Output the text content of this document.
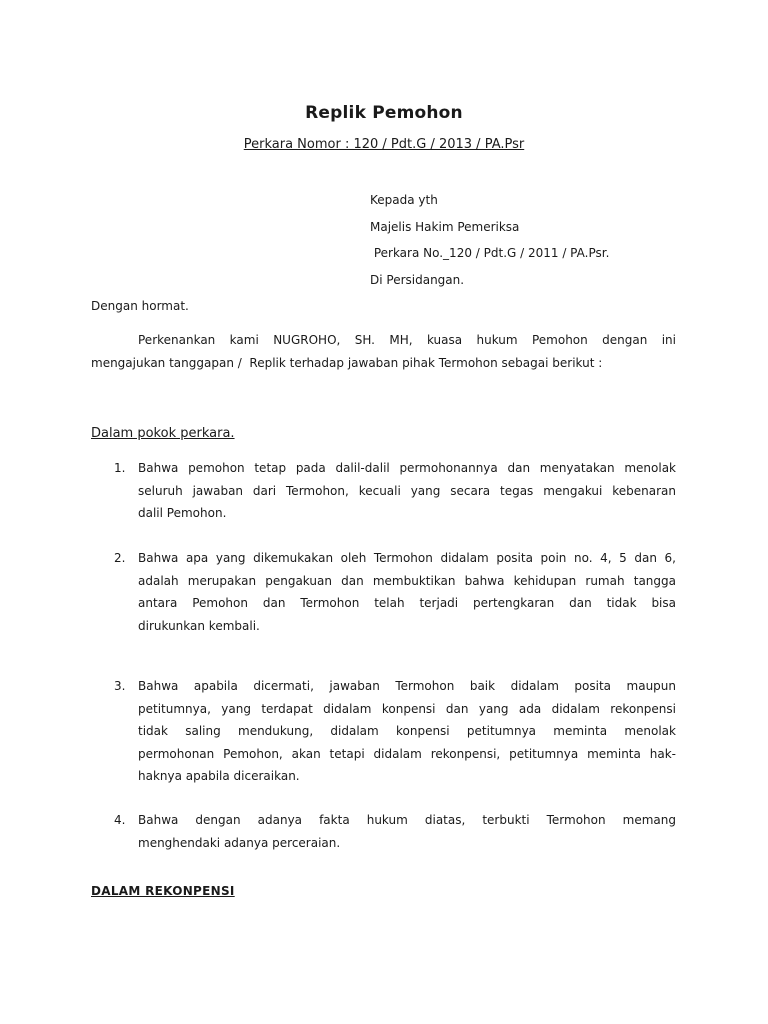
Replik Pemohon
Perkara Nomor : 120 / Pdt.G / 2013 / PA.Psr
Kepada yth
Majelis Hakim Pemeriksa
Perkara No._120 / Pdt.G / 2011 / PA.Psr.
Di Persidangan.
Dengan hormat.
Perkenankan kami NUGROHO, SH. MH, kuasa hukum Pemohon dengan ini
mengajukan tanggapan /  Replik terhadap jawaban pihak Termohon sebagai berikut :
Dalam pokok perkara.
1. Bahwa pemohon tetap pada dalil-dalil permohonannya dan menyatakan menolak
seluruh jawaban dari Termohon, kecuali yang secara tegas mengakui kebenaran
dalil Pemohon.
2. Bahwa apa yang dikemukakan oleh Termohon didalam posita poin no. 4, 5 dan 6,
adalah merupakan pengakuan dan membuktikan bahwa kehidupan rumah tangga
antara Pemohon dan Termohon telah terjadi pertengkaran dan tidak bisa
dirukunkan kembali.
3. Bahwa apabila dicermati, jawaban Termohon baik didalam posita maupun
petitumnya, yang terdapat didalam konpensi dan yang ada didalam rekonpensi
tidak saling mendukung, didalam konpensi petitumnya meminta menolak
permohonan Pemohon, akan tetapi didalam rekonpensi, petitumnya meminta hak-
haknya apabila diceraikan.
4. Bahwa dengan adanya fakta hukum diatas, terbukti Termohon memang
menghendaki adanya perceraian.
DALAM REKONPENSI
